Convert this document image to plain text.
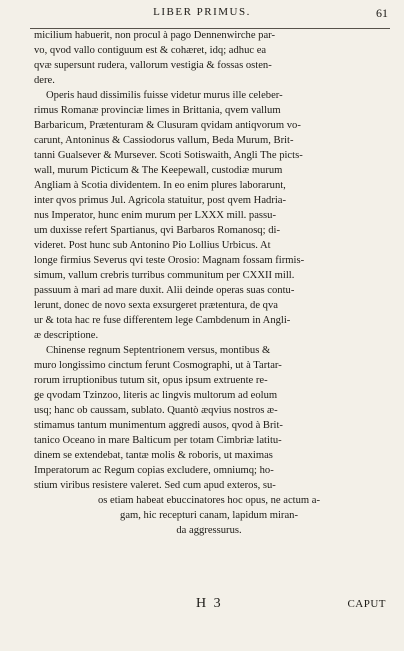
LIBER PRIMUS.	61
micilium habuerit, non procul à pago Dennenwirche par-
vo, qvod vallo contiguum est & cohæret, idq; adhuc ea
qvæ supersunt rudera, vallorum vestigia & fossas osten-
dere.
Operis haud dissimilis fuisse videtur murus ille celeber-
rimus Romanæ provinciæ limes in Brittania, qvem vallum
Barbaricum, Prætenturam & Clusuram qvidam antiqvorum vo-
carunt, Antoninus & Cassiodorus vallum, Beda Murum, Brit-
tanni Gualsever & Mursever. Scoti Sotiswaith, Angli The picts-
wall, murum Picticum & The Keepewall, custodiæ murum
Angliam à Scotia dividentem. In eo enim plures laborarunt,
inter qvos primus Jul. Agricola statuitur, post qvem Hadria-
nus Imperator, hunc enim murum per LXXX mill. passu-
um duxisse refert Spartianus, qvi Barbaros Romanosq; di-
videret. Post hunc sub Antonino Pio Lollius Urbicus. At
longe firmius Severus qvi teste Orosio: Magnam fossam firmis-
simum, vallum crebris turribus communitum per CXXII mill.
passuum à mari ad mare duxit. Alii deinde operas suas contu-
lerunt, donec de novo sexta exsurgeret prætentura, de qva
ur & tota hac re fuse differentem lege Cambdenum in Angli-
æ descriptione.
Chinense regnum Septentrionem versus, montibus &
muro longissimo cinctum ferunt Cosmographi, ut à Tartar-
rorum irruptionibus tutum sit, opus ipsum extruente re-
ge qvodam Tzinzoo, literis ac lingvis multorum ad eolum
usq; hanc ob caussam, sublato. Quantò æqvius nostros æ-
stimamus tantum munimentum aggredi ausos, qvod à Brit-
tanico Oceano in mare Balticum per totam Cimbriæ latitu-
dinem se extendebat, tantæ molis & roboris, ut maximas
Imperatorum ac Regum copias excludere, omniumq; ho-
stium viribus resistere valeret. Sed cum apud exteros, su-
os etiam habeat ebuccinatores hoc opus, ne actum a-
gam, hic recepturi canam, lapidum miran-
da aggressurus.
H 3	CAPUT
